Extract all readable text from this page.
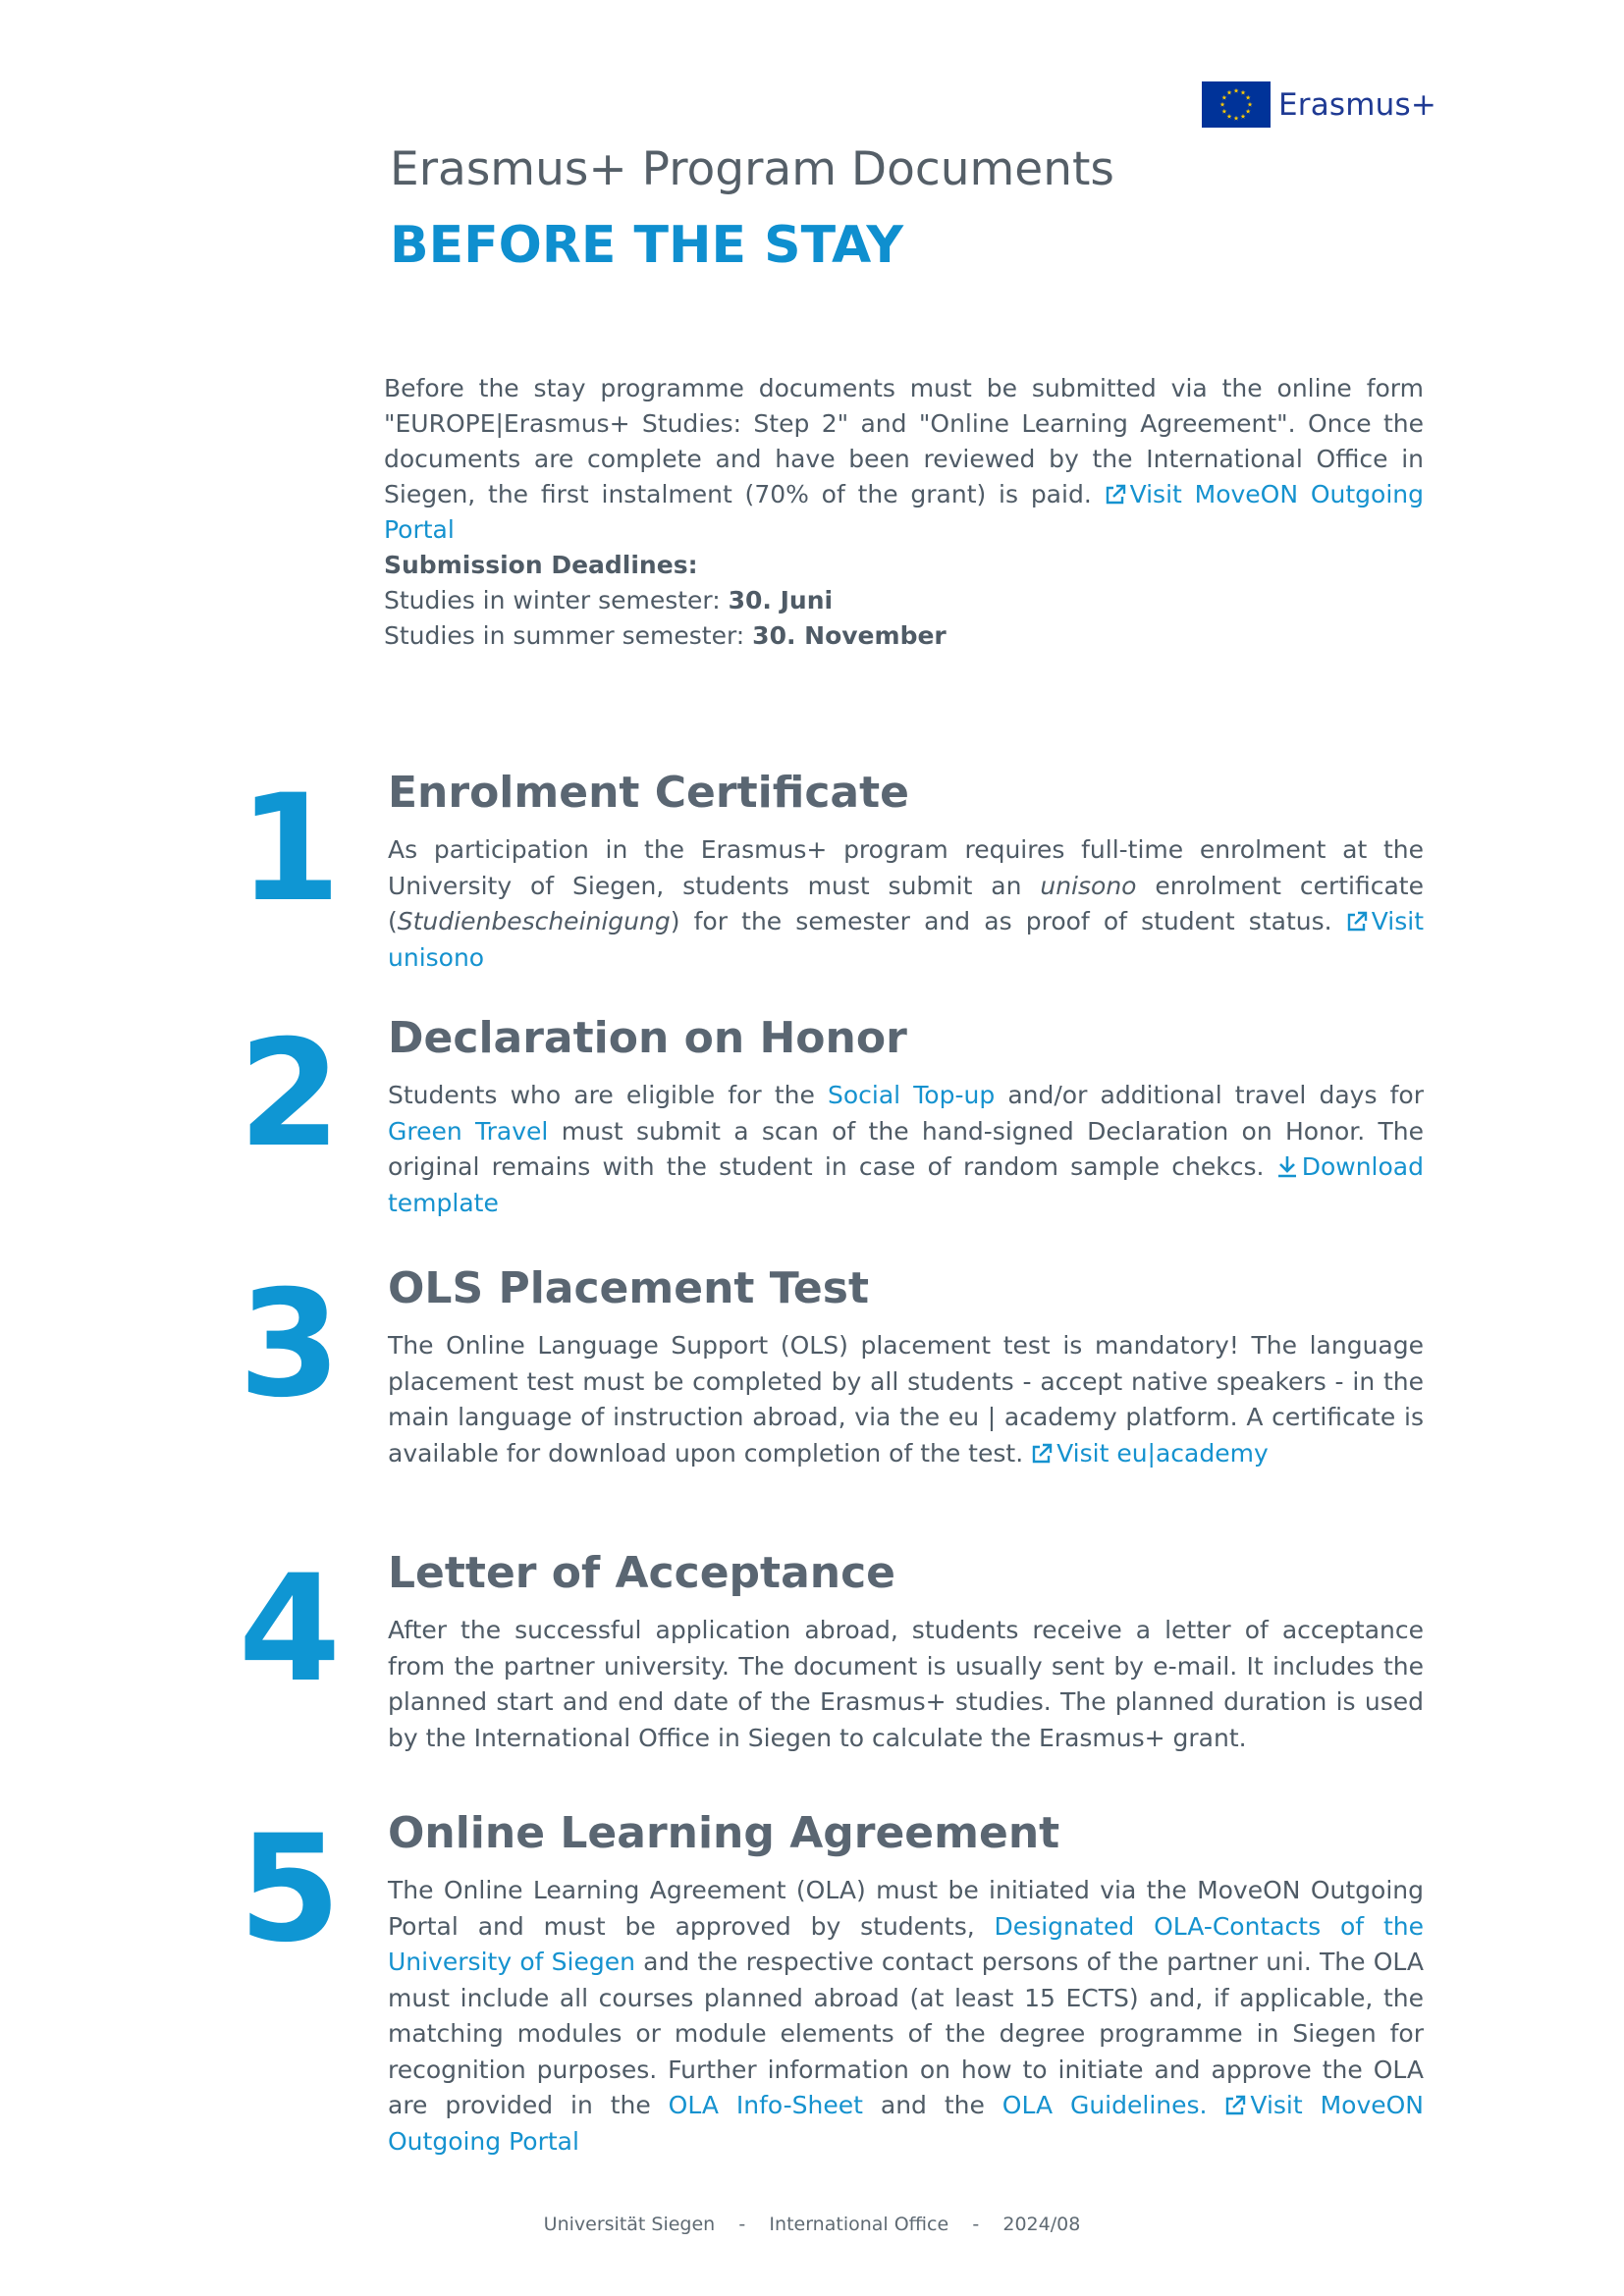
Erasmus+
Erasmus+ Program Documents
BEFORE THE STAY
Before the stay programme documents must be submitted via the online form "EUROPE|Erasmus+ Studies: Step 2" and "Online Learning Agreement". Once the documents are complete and have been reviewed by the International Office in Siegen, the first instalment (70% of the grant) is paid. Visit MoveON Outgoing Portal
Submission Deadlines:
Studies in winter semester: 30. Juni
Studies in summer semester: 30. November
1 Enrolment Certificate
As participation in the Erasmus+ program requires full-time enrolment at the University of Siegen, students must submit an unisono enrolment certificate (Studienbescheinigung) for the semester and as proof of student status. Visit unisono
2 Declaration on Honor
Students who are eligible for the Social Top-up and/or additional travel days for Green Travel must submit a scan of the hand-signed Declaration on Honor. The original remains with the student in case of random sample chekcs. Download template
3 OLS Placement Test
The Online Language Support (OLS) placement test is mandatory! The language placement test must be completed by all students - accept native speakers - in the main language of instruction abroad, via the eu | academy platform. A certificate is available for download upon completion of the test. Visit eu|academy
4 Letter of Acceptance
After the successful application abroad, students receive a letter of acceptance from the partner university. The document is usually sent by e-mail. It includes the planned start and end date of the Erasmus+ studies. The planned duration is used by the International Office in Siegen to calculate the Erasmus+ grant.
5 Online Learning Agreement
The Online Learning Agreement (OLA) must be initiated via the MoveON Outgoing Portal and must be approved by students, Designated OLA-Contacts of the University of Siegen and the respective contact persons of the partner uni. The OLA must include all courses planned abroad (at least 15 ECTS) and, if applicable, the matching modules or module elements of the degree programme in Siegen for recognition purposes. Further information on how to initiate and approve the OLA are provided in the OLA Info-Sheet and the OLA Guidelines. Visit MoveON Outgoing Portal
Universität Siegen    -    International Office    -    2024/08
